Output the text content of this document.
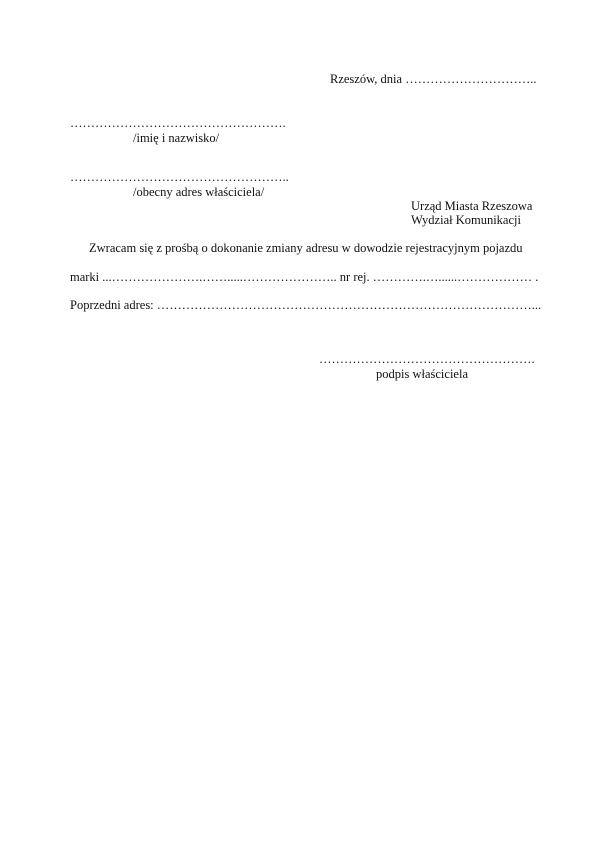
Rzeszów, dnia …………………………..
…………………………………………….
/imię i nazwisko/
……………………………………………..
/obecny adres właściciela/
Urząd Miasta Rzeszowa
Wydział Komunikacji
Zwracam się z prośbą o dokonanie zmiany adresu w dowodzie rejestracyjnym pojazdu
marki ...………………….…….....………………….. nr rej. ………….…......……………… .
Poprzedni adres: ………………………………………………………………………………...
…………………………………………….
podpis właściciela
